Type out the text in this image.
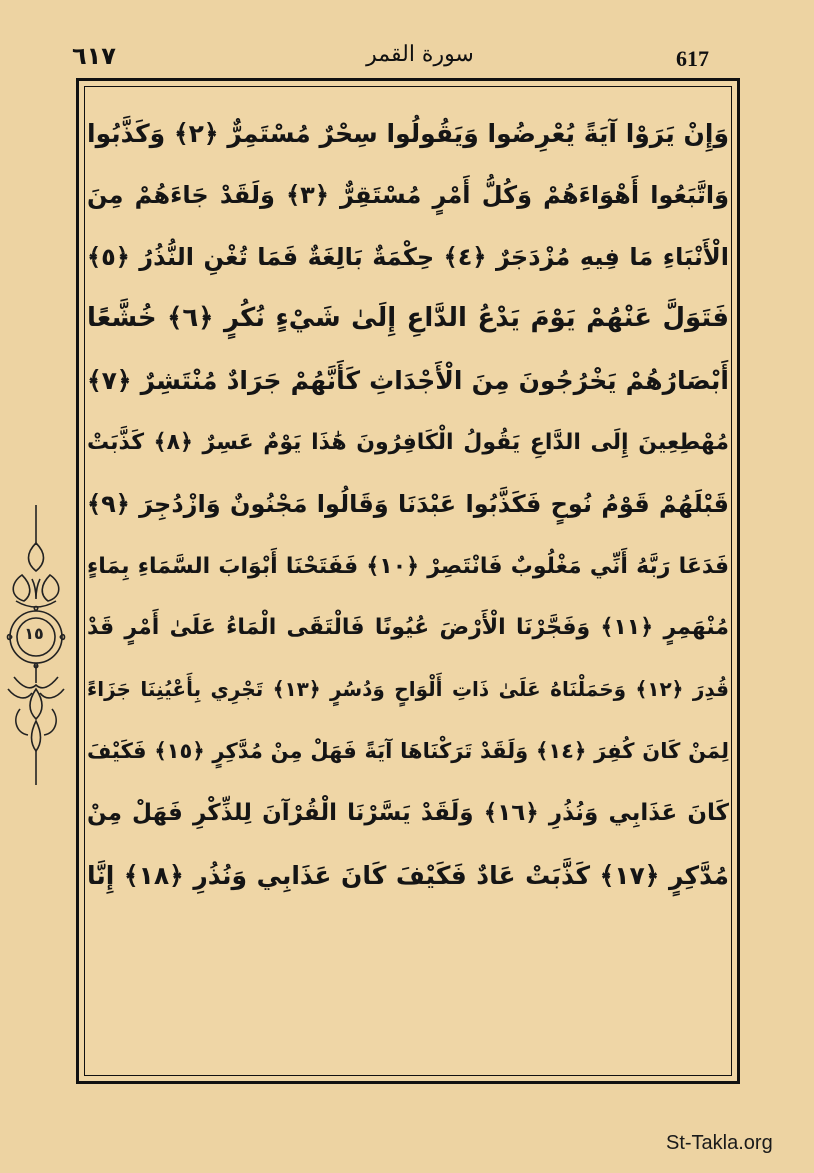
٦١٧	سورة القمر	617
١٥
وَإِنْ يَرَوْا آيَةً يُعْرِضُوا وَيَقُولُوا سِحْرٌ مُسْتَمِرٌّ ﴿٢﴾ وَكَذَّبُوا
وَاتَّبَعُوا أَهْوَاءَهُمْ وَكُلُّ أَمْرٍ مُسْتَقِرٌّ ﴿٣﴾ وَلَقَدْ جَاءَهُمْ مِنَ
الْأَنْبَاءِ مَا فِيهِ مُزْدَجَرٌ ﴿٤﴾ حِكْمَةٌ بَالِغَةٌ فَمَا تُغْنِ النُّذُرُ ﴿٥﴾
فَتَوَلَّ عَنْهُمْ يَوْمَ يَدْعُ الدَّاعِ إِلَىٰ شَيْءٍ نُكُرٍ ﴿٦﴾ خُشَّعًا
أَبْصَارُهُمْ يَخْرُجُونَ مِنَ الْأَجْدَاثِ كَأَنَّهُمْ جَرَادٌ مُنْتَشِرٌ ﴿٧﴾
مُهْطِعِينَ إِلَى الدَّاعِ يَقُولُ الْكَافِرُونَ هَٰذَا يَوْمٌ عَسِرٌ ﴿٨﴾ كَذَّبَتْ
قَبْلَهُمْ قَوْمُ نُوحٍ فَكَذَّبُوا عَبْدَنَا وَقَالُوا مَجْنُونٌ وَازْدُجِرَ ﴿٩﴾
فَدَعَا رَبَّهُ أَنِّي مَغْلُوبٌ فَانْتَصِرْ ﴿١٠﴾ فَفَتَحْنَا أَبْوَابَ السَّمَاءِ بِمَاءٍ
مُنْهَمِرٍ ﴿١١﴾ وَفَجَّرْنَا الْأَرْضَ عُيُونًا فَالْتَقَى الْمَاءُ عَلَىٰ أَمْرٍ قَدْ
قُدِرَ ﴿١٢﴾ وَحَمَلْنَاهُ عَلَىٰ ذَاتِ أَلْوَاحٍ وَدُسُرٍ ﴿١٣﴾ تَجْرِي بِأَعْيُنِنَا جَزَاءً
لِمَنْ كَانَ كُفِرَ ﴿١٤﴾ وَلَقَدْ تَرَكْنَاهَا آيَةً فَهَلْ مِنْ مُدَّكِرٍ ﴿١٥﴾ فَكَيْفَ
كَانَ عَذَابِي وَنُذُرِ ﴿١٦﴾ وَلَقَدْ يَسَّرْنَا الْقُرْآنَ لِلذِّكْرِ فَهَلْ مِنْ
مُدَّكِرٍ ﴿١٧﴾ كَذَّبَتْ عَادٌ فَكَيْفَ كَانَ عَذَابِي وَنُذُرِ ﴿١٨﴾ إِنَّا
St-Takla.org
